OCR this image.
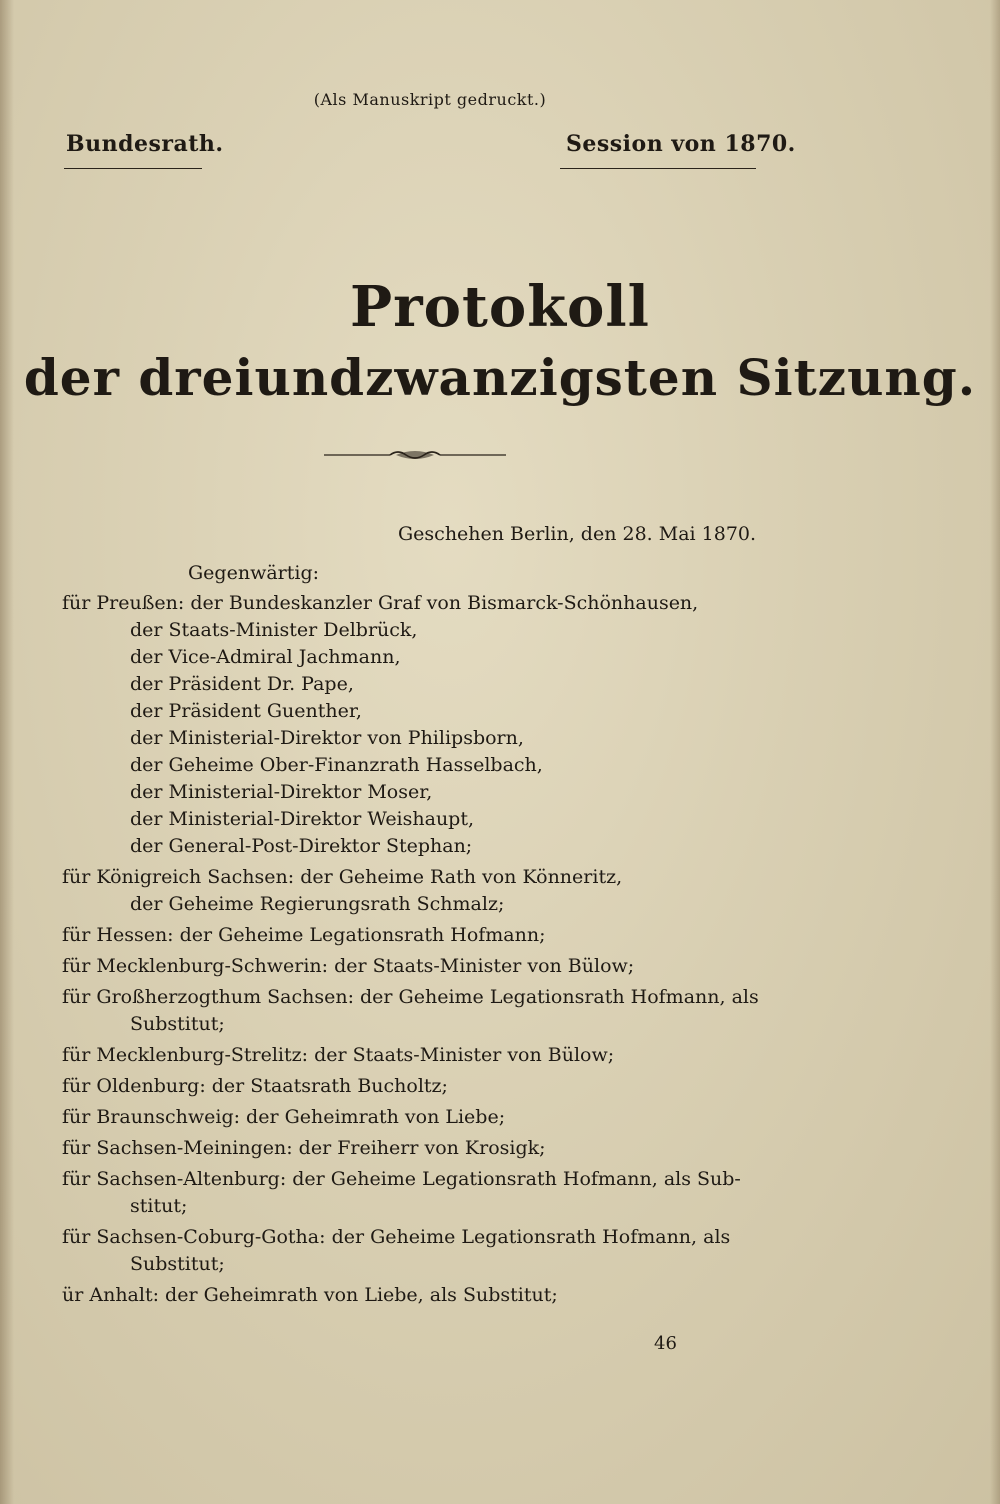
(Als Manuskript gedruckt.)
Bundesrath.	Session von 1870.
Protokoll
der dreiundzwanzigsten Sitzung.
Geschehen Berlin, den 28. Mai 1870.
Gegenwärtig:
für Preußen: der Bundeskanzler Graf von Bismarck-Schönhausen,
der Staats-Minister Delbrück,
der Vice-Admiral Jachmann,
der Präsident Dr. Pape,
der Präsident Guenther,
der Ministerial-Direktor von Philipsborn,
der Geheime Ober-Finanzrath Hasselbach,
der Ministerial-Direktor Moser,
der Ministerial-Direktor Weishaupt,
der General-Post-Direktor Stephan;
für Königreich Sachsen: der Geheime Rath von Könneritz,
der Geheime Regierungsrath Schmalz;
für Hessen: der Geheime Legationsrath Hofmann;
für Mecklenburg-Schwerin: der Staats-Minister von Bülow;
für Großherzogthum Sachsen: der Geheime Legationsrath Hofmann, als
Substitut;
für Mecklenburg-Strelitz: der Staats-Minister von Bülow;
für Oldenburg: der Staatsrath Bucholtz;
für Braunschweig: der Geheimrath von Liebe;
für Sachsen-Meiningen: der Freiherr von Krosigk;
für Sachsen-Altenburg: der Geheime Legationsrath Hofmann, als Sub-
stitut;
für Sachsen-Coburg-Gotha: der Geheime Legationsrath Hofmann, als
Substitut;
ür Anhalt: der Geheimrath von Liebe, als Substitut;
46
